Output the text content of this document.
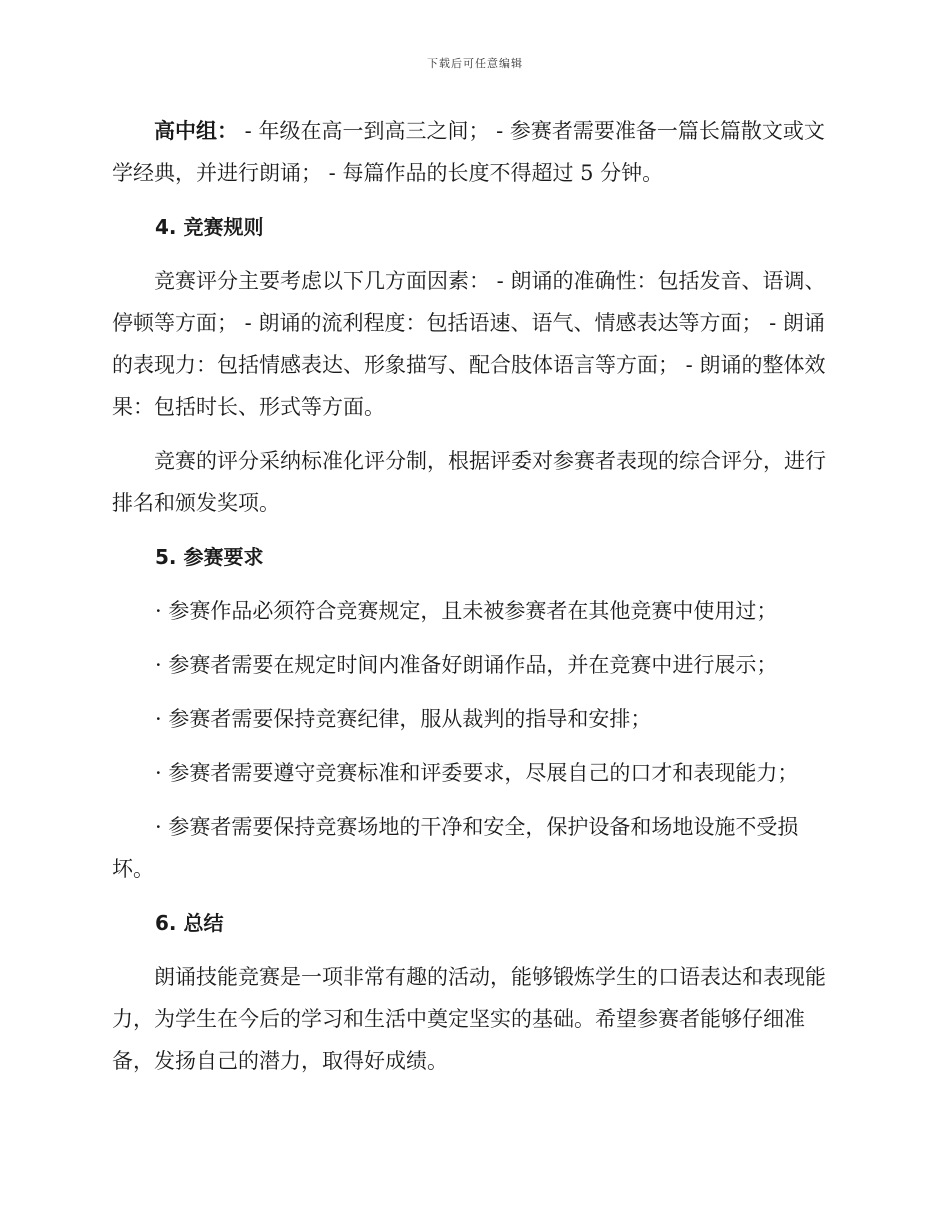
下载后可任意编辑

高中组： - 年级在高一到高三之间； - 参赛者需要准备一篇长篇散文或文学经典，并进行朗诵； - 每篇作品的长度不得超过 5 分钟。

4. 竞赛规则

竞赛评分主要考虑以下几方面因素： - 朗诵的准确性：包括发音、语调、停顿等方面； - 朗诵的流利程度：包括语速、语气、情感表达等方面； - 朗诵的表现力：包括情感表达、形象描写、配合肢体语言等方面； - 朗诵的整体效果：包括时长、形式等方面。

竞赛的评分采纳标准化评分制，根据评委对参赛者表现的综合评分，进行排名和颁发奖项。

5. 参赛要求

· 参赛作品必须符合竞赛规定，且未被参赛者在其他竞赛中使用过；

· 参赛者需要在规定时间内准备好朗诵作品，并在竞赛中进行展示；

· 参赛者需要保持竞赛纪律，服从裁判的指导和安排；

· 参赛者需要遵守竞赛标准和评委要求，尽展自己的口才和表现能力；

· 参赛者需要保持竞赛场地的干净和安全，保护设备和场地设施不受损坏。

6. 总结

朗诵技能竞赛是一项非常有趣的活动，能够锻炼学生的口语表达和表现能力，为学生在今后的学习和生活中奠定坚实的基础。希望参赛者能够仔细准备，发扬自己的潜力，取得好成绩。
